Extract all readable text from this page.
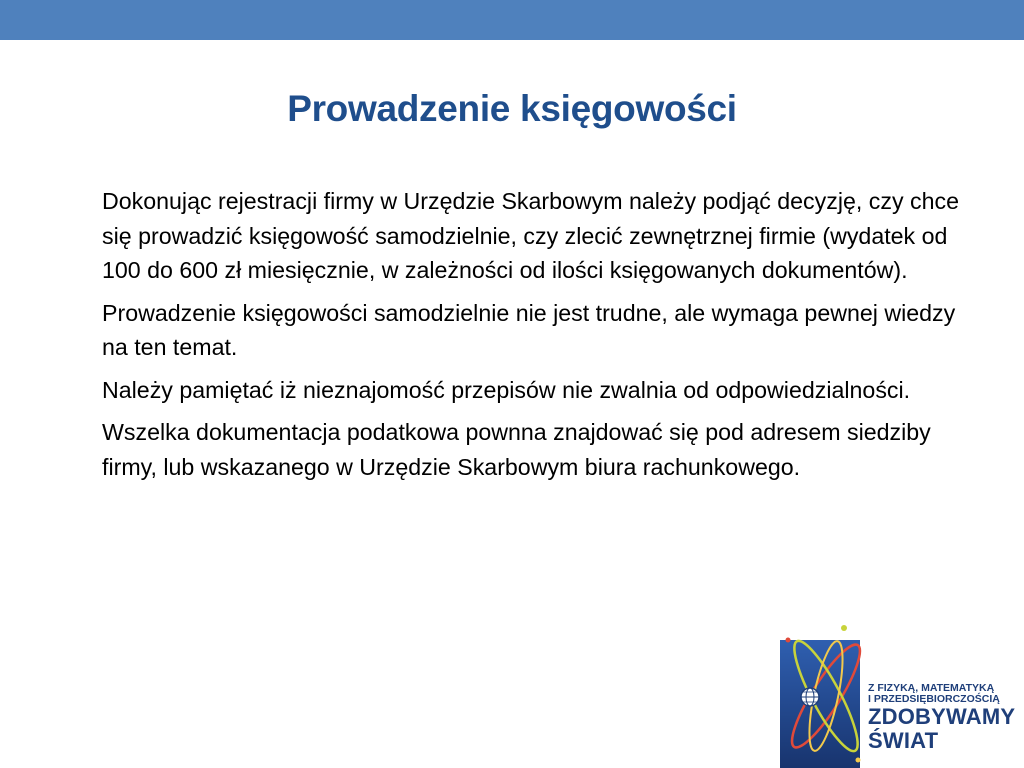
Prowadzenie księgowości

Dokonując rejestracji firmy w Urzędzie Skarbowym należy podjąć decyzję, czy chce się prowadzić księgowość samodzielnie, czy zlecić zewnętrznej firmie (wydatek od 100 do 600 zł miesięcznie, w zależności od ilości księgowanych dokumentów).

Prowadzenie księgowości samodzielnie nie jest trudne, ale wymaga pewnej wiedzy na ten temat.

Należy pamiętać iż nieznajomość przepisów nie zwalnia od odpowiedzialności.

Wszelka dokumentacja podatkowa pownna znajdować się pod adresem siedziby firmy, lub wskazanego w Urzędzie Skarbowym biura rachunkowego.

Z FIZYKĄ, MATEMATYKĄ
I PRZEDSIĘBIORCZOŚCIĄ
ZDOBYWAMY
ŚWIAT
